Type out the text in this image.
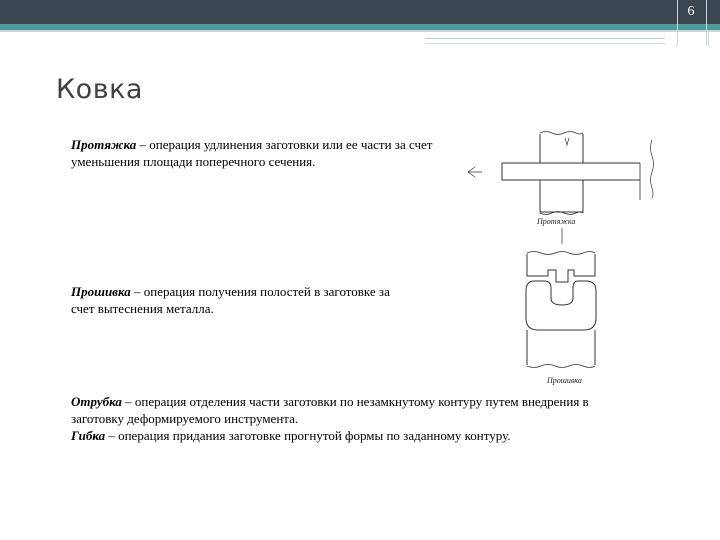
6
Ковка
Протяжка – операция удлинения заготовки или ее части за счет уменьшения площади поперечного сечения.
Прошивка – операция получения полостей в заготовке за счет вытеснения металла.
Отрубка – операция отделения части заготовки по незамкнутому контуру путем внедрения в заготовку деформируемого инструмента.
Гибка – операция придания заготовке прогнутой формы по заданному контуру.
Протяжка
Прошивка
